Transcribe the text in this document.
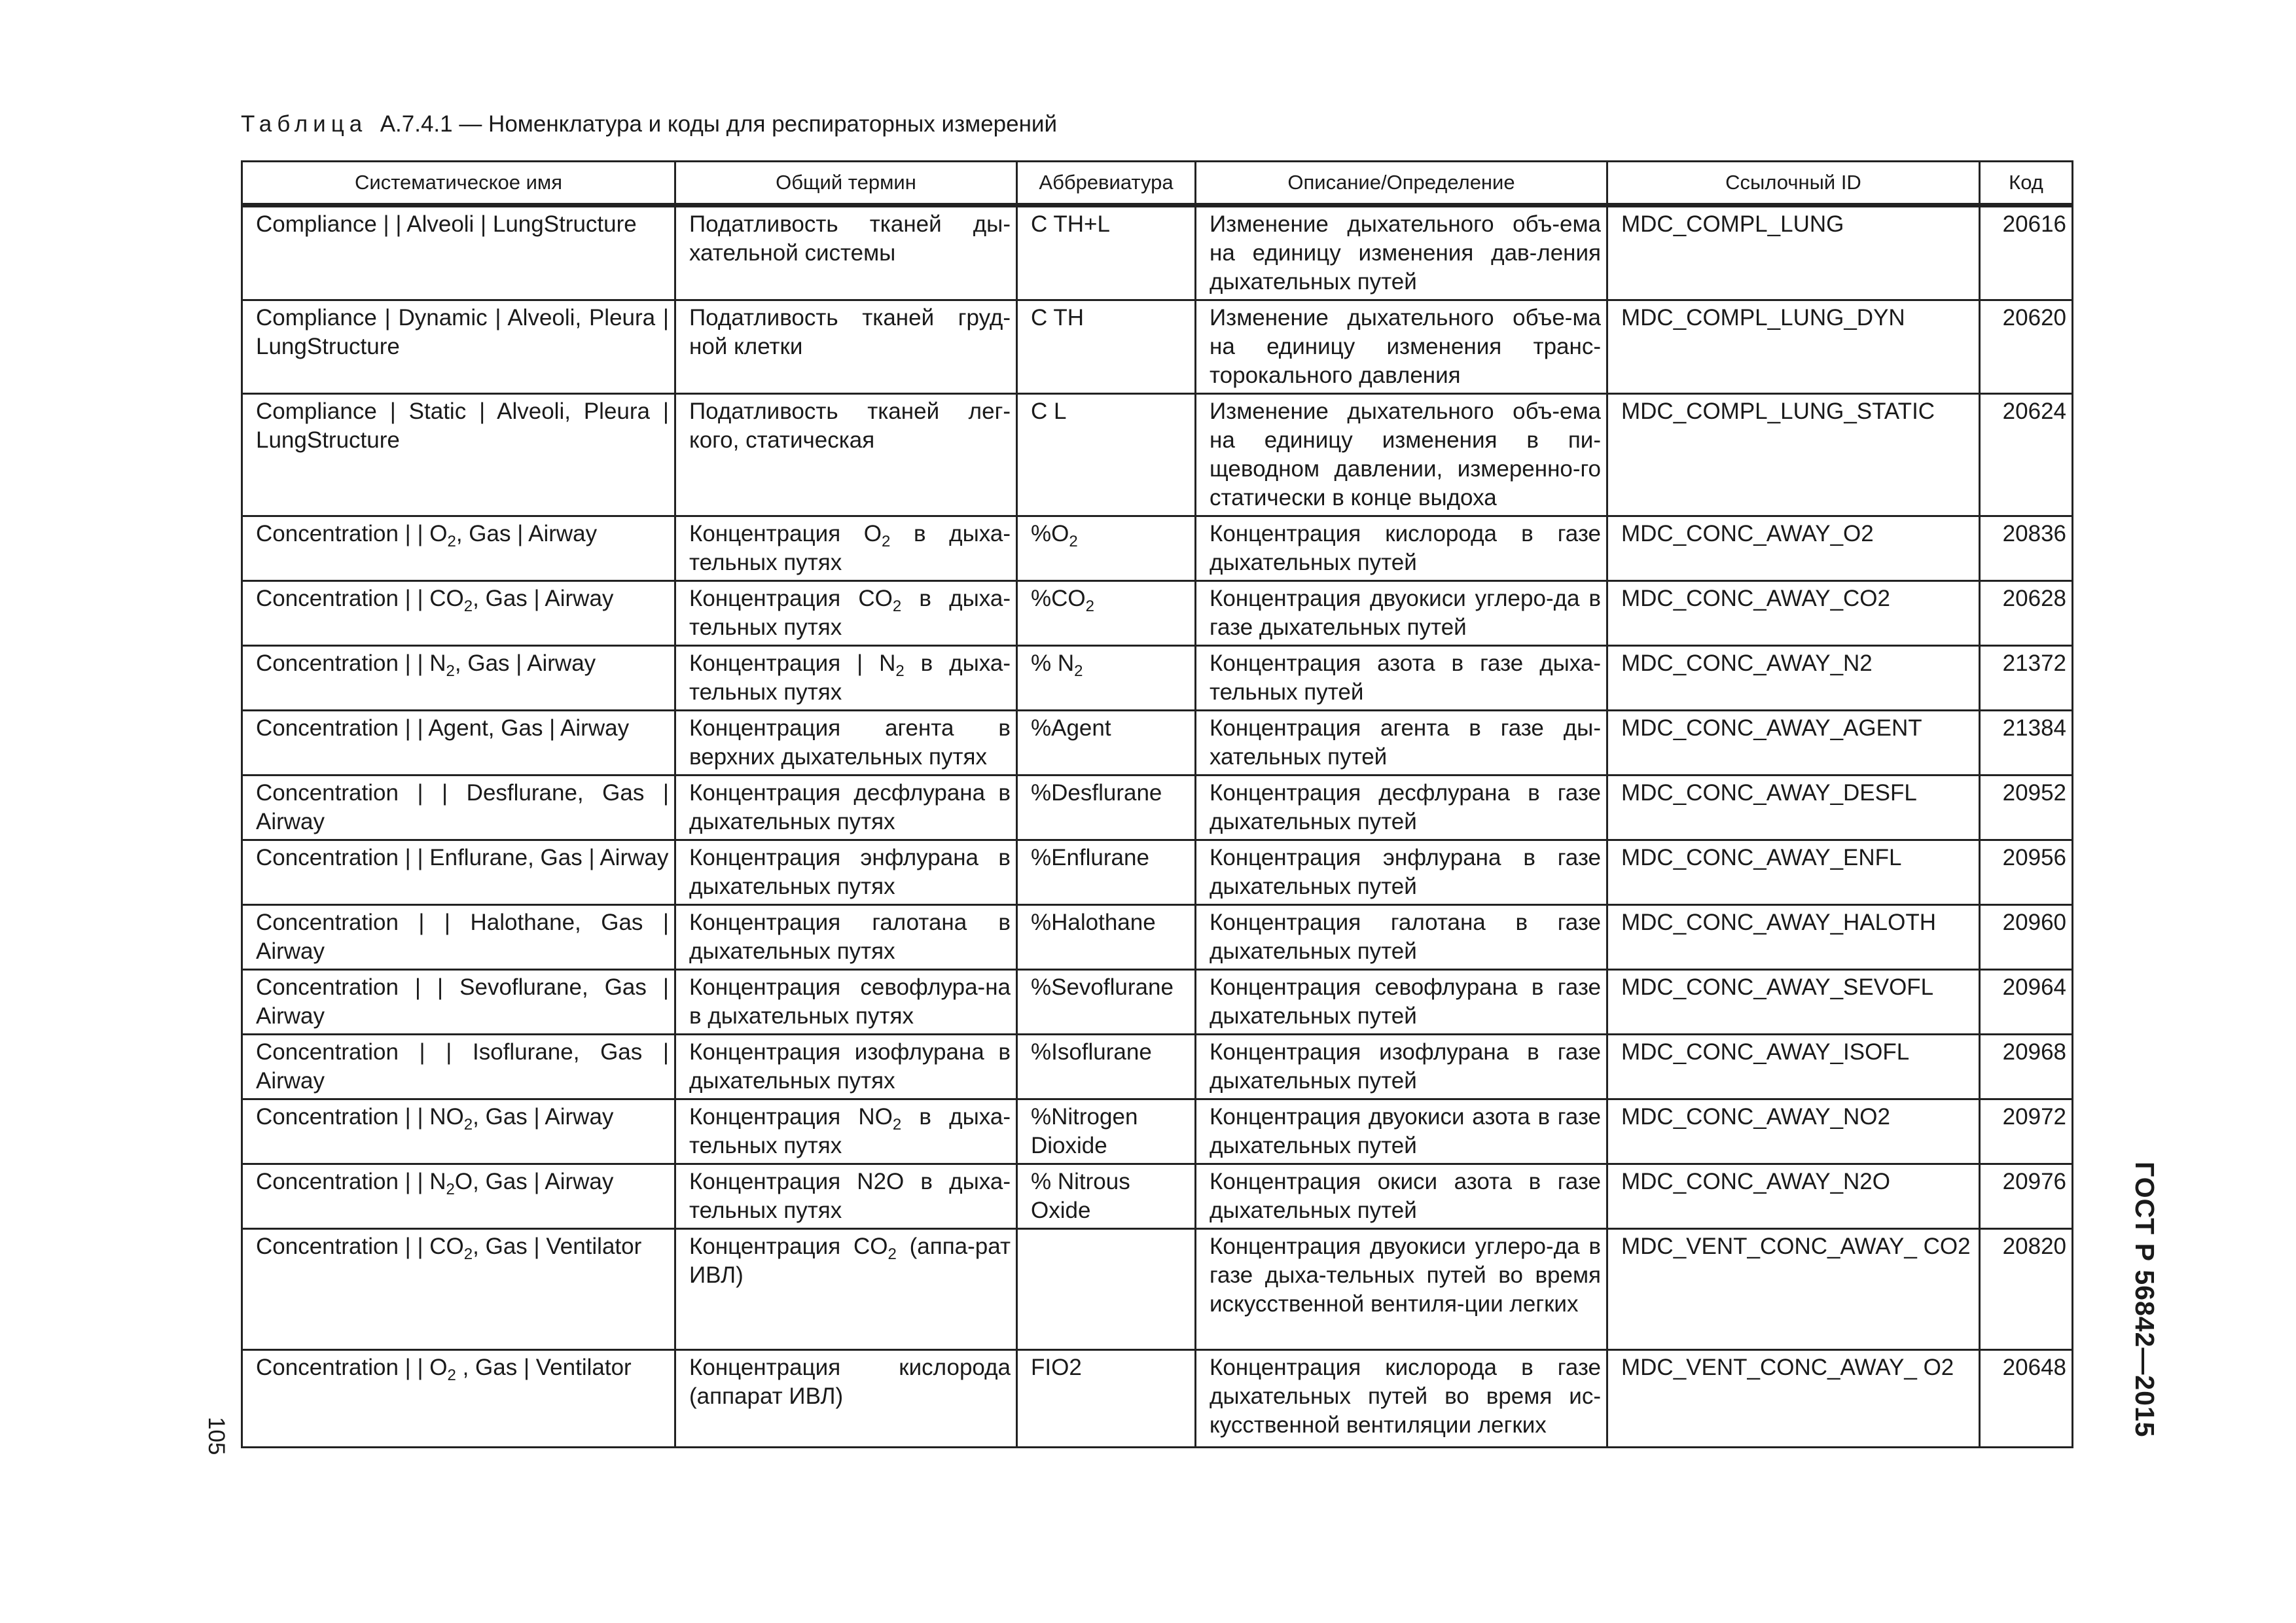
Таблица А.7.4.1 — Номенклатура и коды для респираторных измерений
Систематическое имя	Общий термин	Аббревиатура	Описание/Определение	Ссылочный ID	Код
Compliance | | Alveoli | LungStructure	Податливость тканей ды-хательной системы	C TH+L	Изменение дыхательного объ-ема на единицу изменения дав-ления дыхательных путей	MDC_COMPL_LUNG	20616
Compliance | Dynamic | Alveoli, Pleura | LungStructure	Податливость тканей груд-ной клетки	C TH	Изменение дыхательного объе-ма на единицу изменения транс-торокального давления	MDC_COMPL_LUNG_DYN	20620
Compliance | Static | Alveoli, Pleura | LungStructure	Податливость тканей лег-кого, статическая	C L	Изменение дыхательного объ-ема на единицу изменения в пи-щеводном давлении, измеренно-го статически в конце выдоха	MDC_COMPL_LUNG_STATIC	20624
Concentration | | $O_2$, Gas | Airway	Концентрация $O_2$ в дыха-тельных путях	$\%O_2$	Концентрация кислорода в газе дыхательных путей	MDC_CONC_AWAY_O2	20836
Concentration | | $CO_2$, Gas | Airway	Концентрация $CO_2$ в дыха-тельных путях	$\%CO_2$	Концентрация двуокиси углеро-да в газе дыхательных путей	MDC_CONC_AWAY_CO2	20628
Concentration | | $N_2$, Gas | Airway	Концентрация | $N_2$ в дыха-тельных путях	% $N_2$	Концентрация азота в газе дыха-тельных путей	MDC_CONC_AWAY_N2	21372
Concentration | | Agent, Gas | Airway	Концентрация агента в верхних дыхательных путях	%Agent	Концентрация агента в газе ды-хательных путей	MDC_CONC_AWAY_AGENT	21384
Concentration | | Desflurane, Gas | Airway	Концентрация десфлурана в дыхательных путях	%Desflurane	Концентрация десфлурана в газе дыхательных путей	MDC_CONC_AWAY_DESFL	20952
Concentration | | Enflurane, Gas | Airway	Концентрация энфлурана в дыхательных путях	%Enflurane	Концентрация энфлурана в газе дыхательных путей	MDC_CONC_AWAY_ENFL	20956
Concentration | | Halothane, Gas | Airway	Концентрация галотана в дыхательных путях	%Halothane	Концентрация галотана в газе дыхательных путей	MDC_CONC_AWAY_HALOTH	20960
Concentration | | Sevoflurane, Gas | Airway	Концентрация севофлура-на в дыхательных путях	%Sevoflurane	Концентрация севофлурана в газе дыхательных путей	MDC_CONC_AWAY_SEVOFL	20964
Concentration | | Isoflurane, Gas | Airway	Концентрация изофлурана в дыхательных путях	%Isoflurane	Концентрация изофлурана в газе дыхательных путей	MDC_CONC_AWAY_ISOFL	20968
Concentration | | $NO_2$, Gas | Airway	Концентрация $NO_2$ в дыха-тельных путях	%Nitrogen Dioxide	Концентрация двуокиси азота в газе дыхательных путей	MDC_CONC_AWAY_NO2	20972
Concentration | | $N_2O$, Gas | Airway	Концентрация N2O в дыха-тельных путях	% Nitrous Oxide	Концентрация окиси азота в газе дыхательных путей	MDC_CONC_AWAY_N2O	20976
Concentration | | $CO_2$, Gas | Ventilator	Концентрация $CO_2$ (аппа-рат ИВЛ)		Концентрация двуокиси углеро-да в газе дыха-тельных путей во время искусственной вентиля-ции легких	MDC_VENT_CONC_AWAY_ CO2	20820
Concentration | | $O_2$ , Gas | Ventilator	Концентрация кислорода (аппарат ИВЛ)	FIO2	Концентрация кислорода в газе дыхательных путей во время ис-кусственной вентиляции легких	MDC_VENT_CONC_AWAY_ O2	20648
105	ГОСТ Р 56842—2015
